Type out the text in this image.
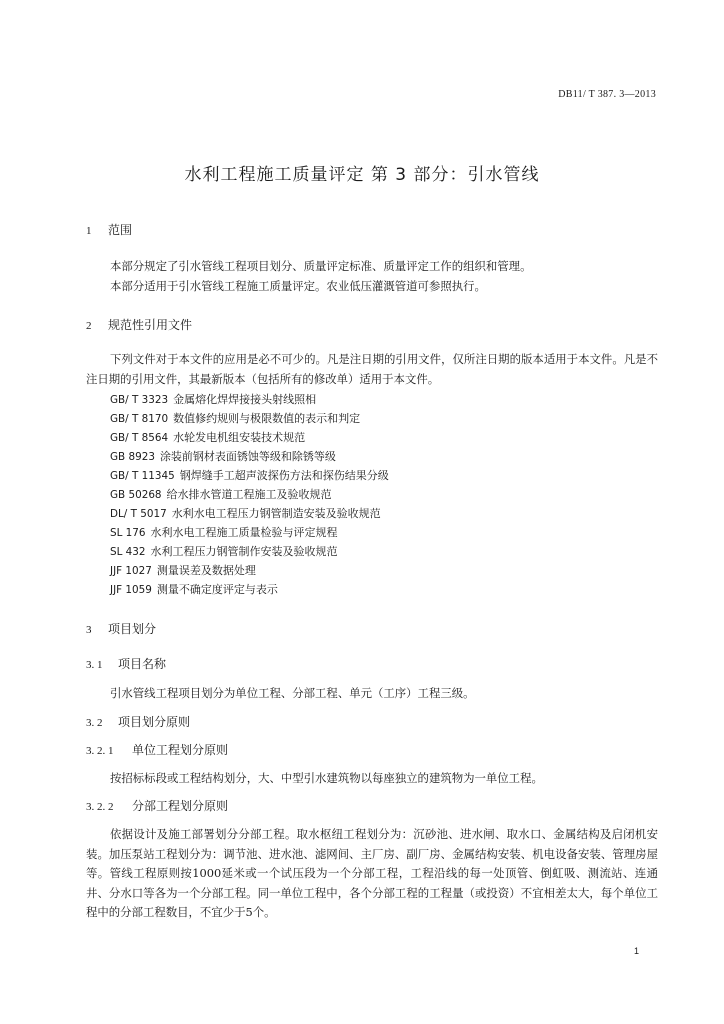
DB11/ T 387. 3—2013
水利工程施工质量评定 第 3 部分：引水管线
1 范围
本部分规定了引水管线工程项目划分、质量评定标准、质量评定工作的组织和管理。
本部分适用于引水管线工程施工质量评定。农业低压灌溉管道可参照执行。
2 规范性引用文件
下列文件对于本文件的应用是必不可少的。凡是注日期的引用文件，仅所注日期的版本适用于本文件。凡是不注日期的引用文件，其最新版本（包括所有的修改单）适用于本文件。
GB/ T 3323 金属熔化焊焊接接头射线照相
GB/ T 8170 数值修约规则与极限数值的表示和判定
GB/ T 8564 水轮发电机组安装技术规范
GB 8923 涂装前钢材表面锈蚀等级和除锈等级
GB/ T 11345 钢焊缝手工超声波探伤方法和探伤结果分级
GB 50268 给水排水管道工程施工及验收规范
DL/ T 5017 水利水电工程压力钢管制造安装及验收规范
SL 176 水利水电工程施工质量检验与评定规程
SL 432 水利工程压力钢管制作安装及验收规范
JJF 1027 测量误差及数据处理
JJF 1059 测量不确定度评定与表示
3 项目划分
3. 1 项目名称
引水管线工程项目划分为单位工程、分部工程、单元（工序）工程三级。
3. 2 项目划分原则
3. 2. 1 单位工程划分原则
按招标标段或工程结构划分，大、中型引水建筑物以每座独立的建筑物为一单位工程。
3. 2. 2 分部工程划分原则
依据设计及施工部署划分分部工程。取水枢纽工程划分为：沉砂池、进水闸、取水口、金属结构及启闭机安装。加压泵站工程划分为：调节池、进水池、滤网间、主厂房、副厂房、金属结构安装、机电设备安装、管理房屋等。管线工程原则按1000延米或一个试压段为一个分部工程，工程沿线的每一处顶管、倒虹吸、测流站、连通井、分水口等各为一个分部工程。同一单位工程中，各个分部工程的工程量（或投资）不宜相差太大，每个单位工程中的分部工程数目，不宜少于5个。
1
